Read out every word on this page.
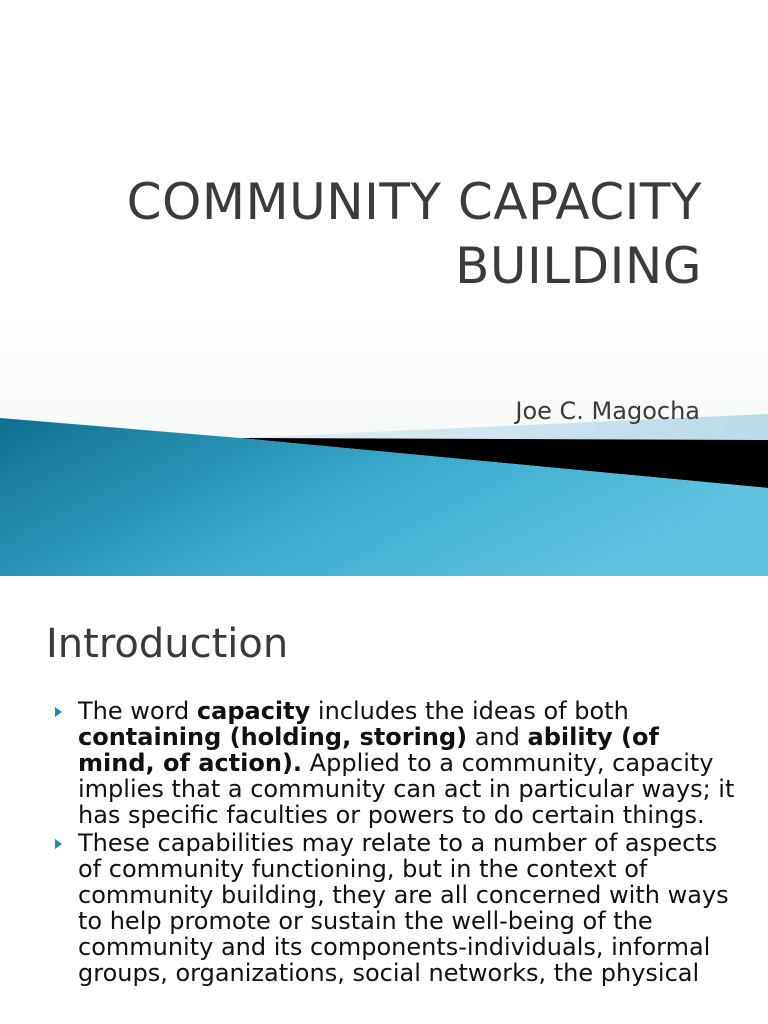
COMMUNITY CAPACITY BUILDING
Joe C. Magocha
Introduction
The word capacity includes the ideas of both containing (holding, storing) and ability (of mind, of action). Applied to a community, capacity implies that a community can act in particular ways; it has specific faculties or powers to do certain things.
These capabilities may relate to a number of aspects of community functioning, but in the context of community building, they are all concerned with ways to help promote or sustain the well-being of the community and its components-individuals, informal groups, organizations, social networks, the physical
